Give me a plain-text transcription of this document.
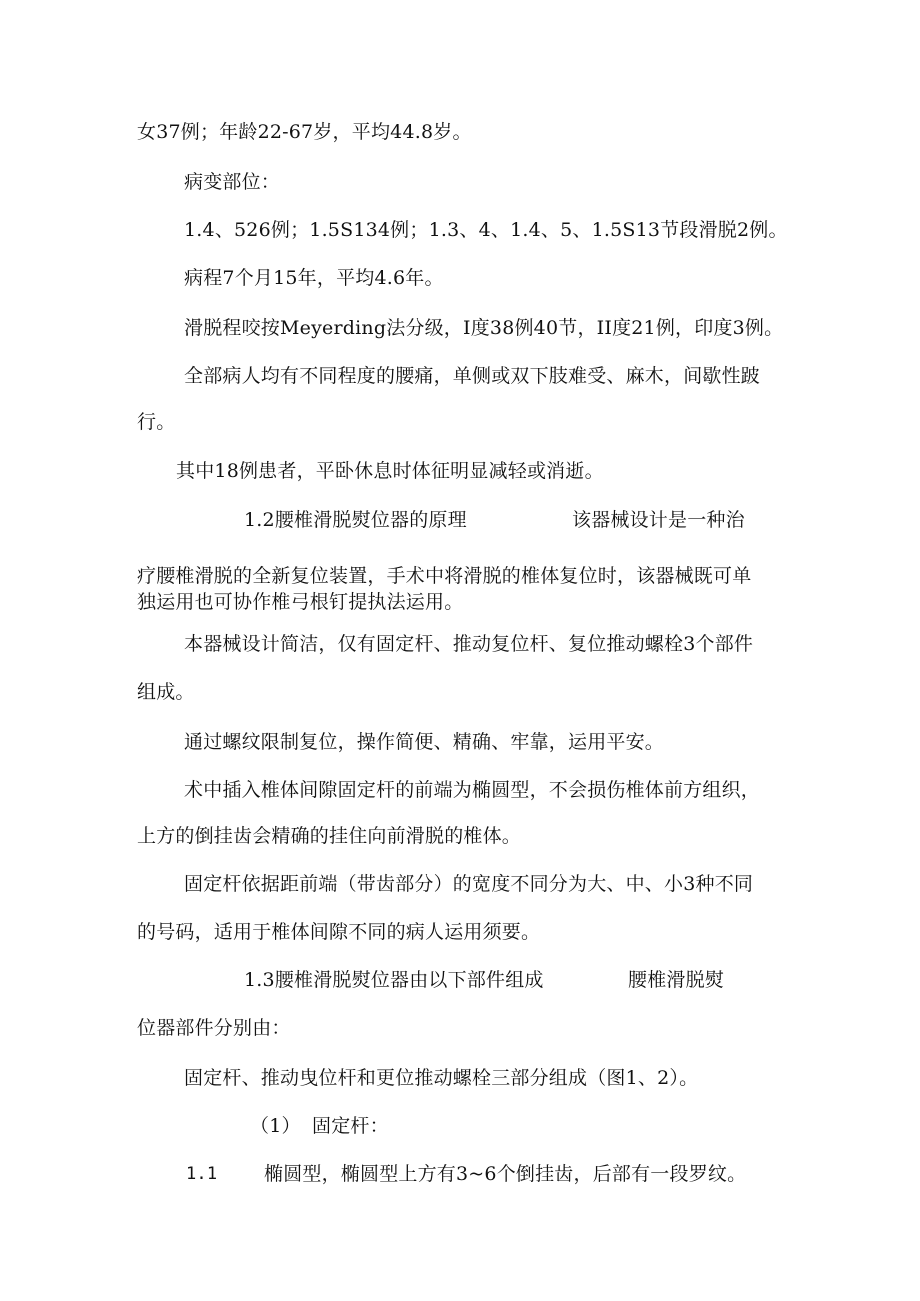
女37例；年龄22-67岁，平均44.8岁。
病变部位：
1.4、526例；1.5S134例；1.3、4、1.4、5、1.5S13节段滑脱2例。
病程7个月15年，平均4.6年。
滑脱程咬按Meyerding法分级，I度38例40节，II度21例，印度3例。
全部病人均有不同程度的腰痛，单侧或双下肢难受、麻木，间歇性跛
行。
其中18例患者，平卧休息时体征明显减轻或消逝。
1.2腰椎滑脱熨位器的原理	该器械设计是一种治
疗腰椎滑脱的全新复位装置，手术中将滑脱的椎体复位时，该器械既可单
独运用也可协作椎弓根钉提执法运用。
本器械设计简洁，仅有固定杆、推动复位杆、复位推动螺栓3个部件
组成。
通过螺纹限制复位，操作简便、精确、牢靠，运用平安。
术中插入椎体间隙固定杆的前端为椭圆型，不会损伤椎体前方组织，
上方的倒挂齿会精确的挂住向前滑脱的椎体。
固定杆依据距前端（带齿部分）的宽度不同分为大、中、小3种不同
的号码，适用于椎体间隙不同的病人运用须要。
1.3腰椎滑脱熨位器由以下部件组成	腰椎滑脱熨
位器部件分别由：
固定杆、推动曳位杆和更位推动螺栓三部分组成（图1、2）。
（1） 固定杆：
1.1 椭圆型，椭圆型上方有3~6个倒挂齿，后部有一段罗纹。
